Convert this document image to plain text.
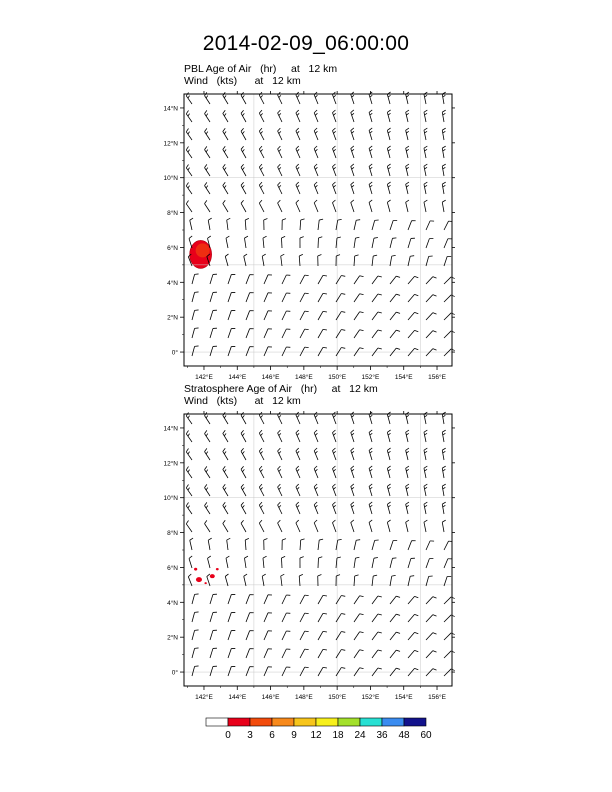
2014-02-09_06:00:00
PBL Age of Air   (hr)     at   12 km
Wind   (kts)      at   12 km
14°N
12°N
10°N
8°N
6°N
4°N
2°N
0°
142°E 144°E 146°E 148°E 150°E 152°E 154°E 156°E
Stratosphere Age of Air   (hr)     at   12 km
Wind   (kts)      at   12 km
14°N
12°N
10°N
8°N
6°N
4°N
2°N
0°
142°E 144°E 146°E 148°E 150°E 152°E 154°E 156°E
0 3 6 9 12 18 24 36 48 60
